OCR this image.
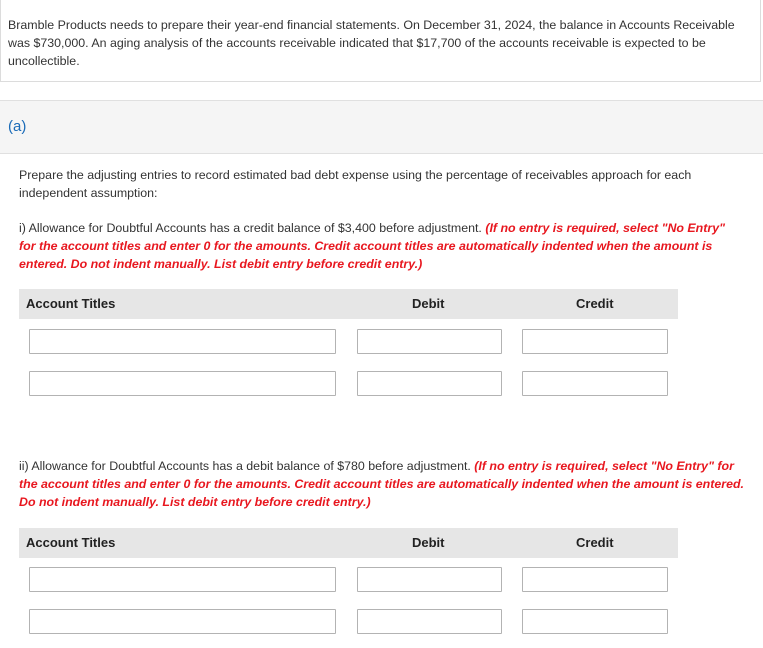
Bramble Products needs to prepare their year-end financial statements. On December 31, 2024, the balance in Accounts Receivable was $730,000. An aging analysis of the accounts receivable indicated that $17,700 of the accounts receivable is expected to be uncollectible.
(a)
Prepare the adjusting entries to record estimated bad debt expense using the percentage of receivables approach for each independent assumption:
i) Allowance for Doubtful Accounts has a credit balance of $3,400 before adjustment. (If no entry is required, select "No Entry" for the account titles and enter 0 for the amounts. Credit account titles are automatically indented when the amount is entered. Do not indent manually. List debit entry before credit entry.)
Account Titles	Debit	Credit
ii) Allowance for Doubtful Accounts has a debit balance of $780 before adjustment. (If no entry is required, select "No Entry" for the account titles and enter 0 for the amounts. Credit account titles are automatically indented when the amount is entered. Do not indent manually. List debit entry before credit entry.)
Account Titles	Debit	Credit
